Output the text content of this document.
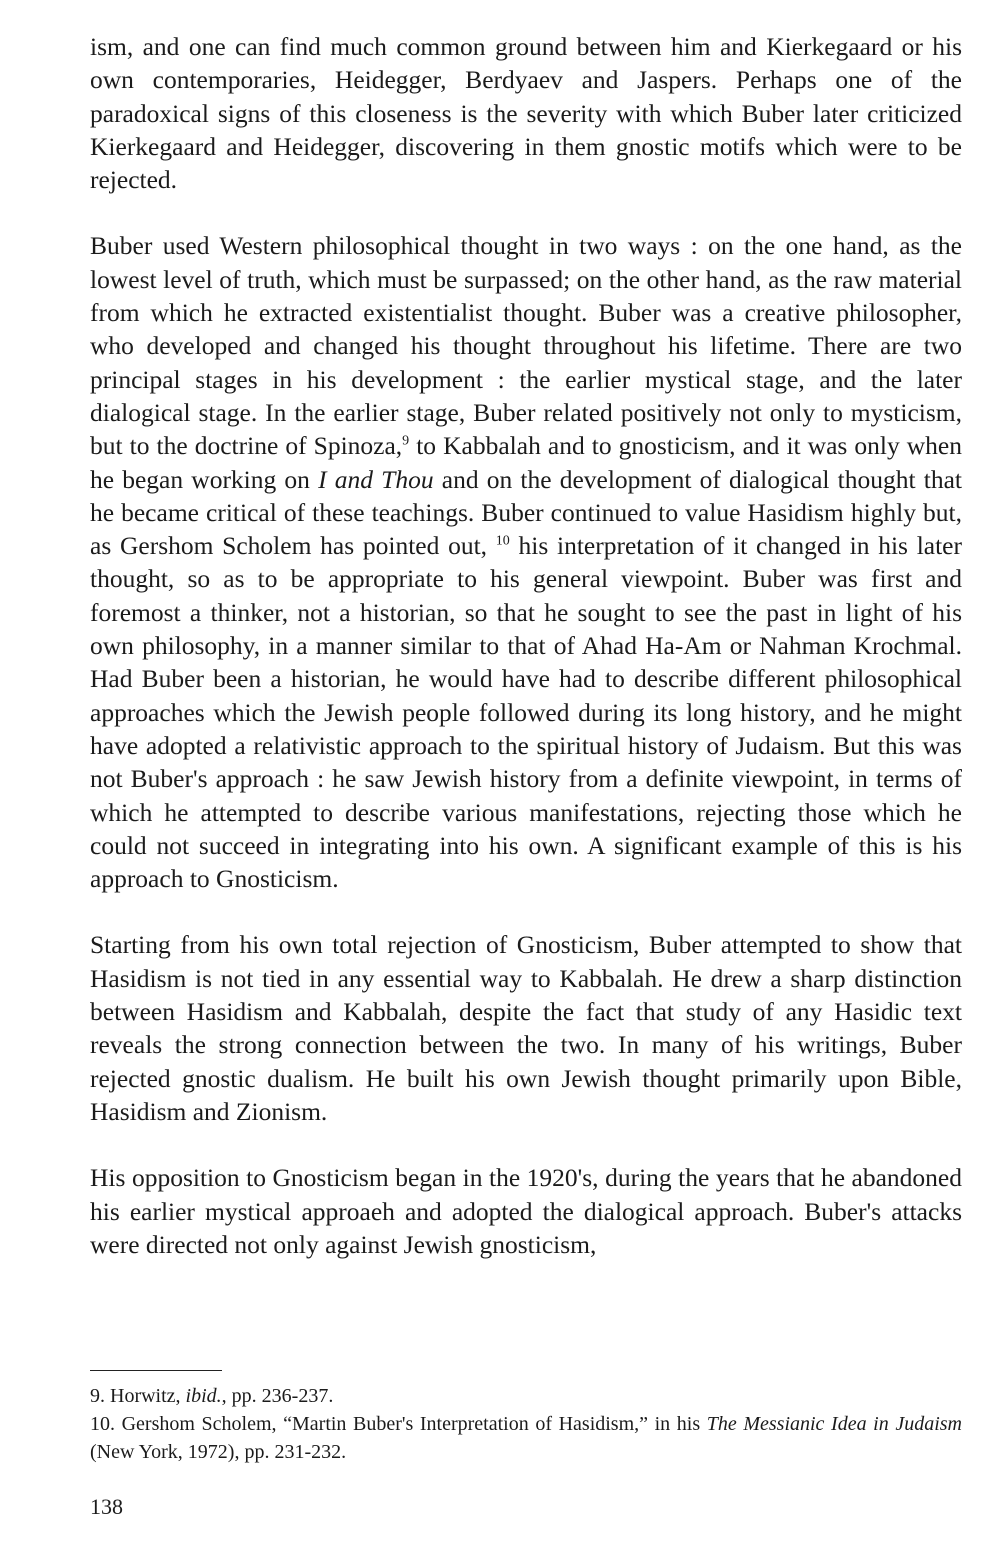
ism, and one can find much common ground between him and Kierkegaard or his own contemporaries, Heidegger, Berdyaev and Jaspers. Perhaps one of the paradoxical signs of this closeness is the severity with which Buber later criticized Kierkegaard and Heidegger, discovering in them gnostic motifs which were to be rejected.

Buber used Western philosophical thought in two ways : on the one hand, as the lowest level of truth, which must be surpassed; on the other hand, as the raw material from which he extracted existentialist thought. Buber was a creative philosopher, who developed and changed his thought throughout his lifetime. There are two principal stages in his development : the earlier mystical stage, and the later dialogical stage. In the earlier stage, Buber related positively not only to mysticism, but to the doctrine of Spinoza,$^9$ to Kabbalah and to gnosticism, and it was only when he began working on I and Thou and on the development of dialogical thought that he became critical of these teachings. Buber continued to value Hasidism highly but, as Gershom Scholem has pointed out, $^{10}$ his interpretation of it changed in his later thought, so as to be appropriate to his general viewpoint. Buber was first and foremost a thinker, not a historian, so that he sought to see the past in light of his own philosophy, in a manner similar to that of Ahad Ha-Am or Nahman Krochmal. Had Buber been a historian, he would have had to describe different philosophical approaches which the Jewish people followed during its long history, and he might have adopted a relativistic approach to the spiritual history of Judaism. But this was not Buber's approach : he saw Jewish history from a definite viewpoint, in terms of which he attempted to describe various manifestations, rejecting those which he could not succeed in integrating into his own. A significant example of this is his approach to Gnosticism.

Starting from his own total rejection of Gnosticism, Buber attempted to show that Hasidism is not tied in any essential way to Kabbalah. He drew a sharp distinction between Hasidism and Kabbalah, despite the fact that study of any Hasidic text reveals the strong connection between the two. In many of his writings, Buber rejected gnostic dualism. He built his own Jewish thought primarily upon Bible, Hasidism and Zionism.

His opposition to Gnosticism began in the 1920's, during the years that he abandoned his earlier mystical approaeh and adopted the dialogical approach. Buber's attacks were directed not only against Jewish gnosticism,

9. Horwitz, ibid., pp. 236-237.

10. Gershom Scholem, “Martin Buber's Interpretation of Hasidism,” in his The Messianic Idea in Judaism (New York, 1972), pp. 231-232.

138
